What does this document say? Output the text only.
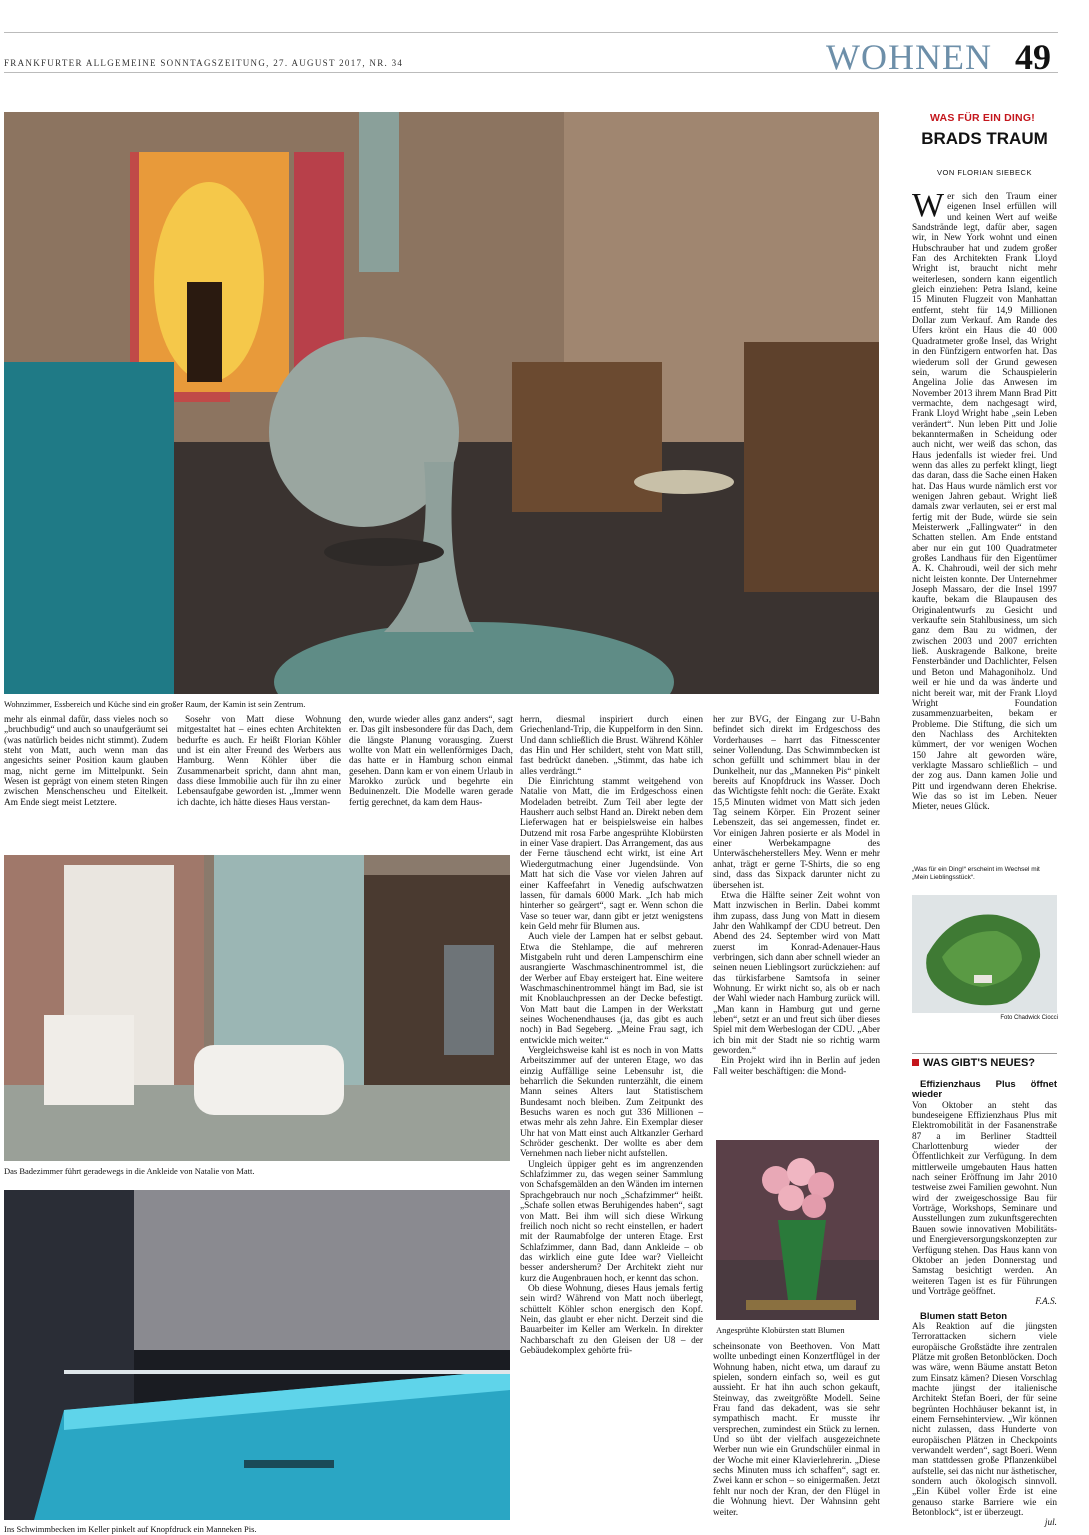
FRANKFURTER ALLGEMEINE SONNTAGSZEITUNG, 27. AUGUST 2017, NR. 34	WOHNEN 49
Wohnzimmer, Essbereich und Küche sind ein großer Raum, der Kamin ist sein Zentrum.

mehr als einmal dafür, dass vieles noch so „bruchbudig“ und auch so unaufgeräumt sei (was natürlich beides nicht stimmt). Zudem steht von Matt, auch wenn man das angesichts seiner Position kaum glauben mag, nicht gerne im Mittelpunkt. Sein Wesen ist geprägt von einem steten Ringen zwischen Menschenscheu und Eitelkeit. Am Ende siegt meist Letztere.

Sosehr von Matt diese Wohnung mitgestaltet hat – eines echten Architekten bedurfte es auch. Er heißt Florian Köhler und ist ein alter Freund des Werbers aus Hamburg. Wenn Köhler über die Zusammenarbeit spricht, dann ahnt man, dass diese Immobilie auch für ihn zu einer Lebensaufgabe geworden ist. „Immer wenn ich dachte, ich hätte dieses Haus verstan-

den, wurde wieder alles ganz anders“, sagt er. Das gilt insbesondere für das Dach, dem die längste Planung vorausging. Zuerst wollte von Matt ein wellenförmiges Dach, das hatte er in Hamburg schon einmal gesehen. Dann kam er von einem Urlaub in Marokko zurück und begehrte ein Beduinenzelt. Die Modelle waren gerade fertig gerechnet, da kam dem Haus-

Das Badezimmer führt geradewegs in die Ankleide von Natalie von Matt.
Ins Schwimmbecken im Keller pinkelt auf Knopfdruck ein Manneken Pis.

herrn, diesmal inspiriert durch einen Griechenland-Trip, die Kuppelform in den Sinn. Und dann schließlich die Brust. Während Köhler das Hin und Her schildert, steht von Matt still, fast bedrückt daneben. „Stimmt, das habe ich alles verdrängt.“

Die Einrichtung stammt weitgehend von Natalie von Matt, die im Erdgeschoss einen Modeladen betreibt. Zum Teil aber legte der Hausherr auch selbst Hand an. Direkt neben dem Lieferwagen hat er beispielsweise ein halbes Dutzend mit rosa Farbe angesprühte Klobürsten in einer Vase drapiert. Das Arrangement, das aus der Ferne täuschend echt wirkt, ist eine Art Wiedergutmachung einer Jugendsünde. Von Matt hat sich die Vase vor vielen Jahren auf einer Kaffeefahrt in Venedig aufschwatzen lassen, für damals 6000 Mark. „Ich hab mich hinterher so geärgert“, sagt er. Wenn schon die Vase so teuer war, dann gibt er jetzt wenigstens kein Geld mehr für Blumen aus.

Auch viele der Lampen hat er selbst gebaut. Etwa die Stehlampe, die auf mehreren Mistgabeln ruht und deren Lampenschirm eine ausrangierte Waschmaschinentrommel ist, die der Werber auf Ebay ersteigert hat. Eine weitere Waschmaschinentrommel hängt im Bad, sie ist mit Knoblauchpressen an der Decke befestigt. Von Matt baut die Lampen in der Werkstatt seines Wochenendhauses (ja, das gibt es auch noch) in Bad Segeberg. „Meine Frau sagt, ich entwickle mich weiter.“

Vergleichsweise kahl ist es noch in von Matts Arbeitszimmer auf der unteren Etage, wo das einzig Auffällige seine Lebensuhr ist, die beharrlich die Sekunden runterzählt, die einem Mann seines Alters laut Statistischem Bundesamt noch bleiben. Zum Zeitpunkt des Besuchs waren es noch gut 336 Millionen – etwas mehr als zehn Jahre. Ein Exemplar dieser Uhr hat von Matt einst auch Altkanzler Gerhard Schröder geschenkt. Der wollte es aber dem Vernehmen nach lieber nicht aufstellen.

Ungleich üppiger geht es im angrenzenden Schlafzimmer zu, das wegen seiner Sammlung von Schafsgemälden an den Wänden im internen Sprachgebrauch nur noch „Schafzimmer“ heißt. „Schafe sollen etwas Beruhigendes haben“, sagt von Matt. Bei ihm will sich diese Wirkung freilich noch nicht so recht einstellen, er hadert mit der Raumabfolge der unteren Etage. Erst Schlafzimmer, dann Bad, dann Ankleide – ob das wirklich eine gute Idee war? Vielleicht besser andersherum? Der Architekt zieht nur kurz die Augenbrauen hoch, er kennt das schon.

Ob diese Wohnung, dieses Haus jemals fertig sein wird? Während von Matt noch überlegt, schüttelt Köhler schon energisch den Kopf. Nein, das glaubt er eher nicht. Derzeit sind die Bauarbeiter im Keller am Werkeln. In direkter Nachbarschaft zu den Gleisen der U8 – der Gebäudekomplex gehörte frü-

her zur BVG, der Eingang zur U-Bahn befindet sich direkt im Erdgeschoss des Vorderhauses – harrt das Fitnesscenter seiner Vollendung. Das Schwimmbecken ist schon gefüllt und schimmert blau in der Dunkelheit, nur das „Manneken Pis“ pinkelt bereits auf Knopfdruck ins Wasser. Doch das Wichtigste fehlt noch: die Geräte. Exakt 15,5 Minuten widmet von Matt sich jeden Tag seinem Körper. Ein Prozent seiner Lebenszeit, das sei angemessen, findet er. Vor einigen Jahren posierte er als Model in einer Werbekampagne des Unterwäscheherstellers Mey. Wenn er mehr anhat, trägt er gerne T-Shirts, die so eng sind, dass das Sixpack darunter nicht zu übersehen ist.

Etwa die Hälfte seiner Zeit wohnt von Matt inzwischen in Berlin. Dabei kommt ihm zupass, dass Jung von Matt in diesem Jahr den Wahlkampf der CDU betreut. Den Abend des 24. September wird von Matt zuerst im Konrad-Adenauer-Haus verbringen, sich dann aber schnell wieder an seinen neuen Lieblingsort zurückziehen: auf das türkisfarbene Samtsofa in seiner Wohnung. Er wirkt nicht so, als ob er nach der Wahl wieder nach Hamburg zurück will. „Man kann in Hamburg gut und gerne leben“, setzt er an und freut sich über dieses Spiel mit dem Werbeslogan der CDU. „Aber ich bin mit der Stadt nie so richtig warm geworden.“

Ein Projekt wird ihn in Berlin auf jeden Fall weiter beschäftigen: die Mond-

Angesprühte Klobürsten statt Blumen

scheinsonate von Beethoven. Von Matt wollte unbedingt einen Konzertflügel in der Wohnung haben, nicht etwa, um darauf zu spielen, sondern einfach so, weil es gut aussieht. Er hat ihn auch schon gekauft, Steinway, das zweitgrößte Modell. Seine Frau fand das dekadent, was sie sehr sympathisch macht. Er musste ihr versprechen, zumindest ein Stück zu lernen. Und so übt der vielfach ausgezeichnete Werber nun wie ein Grundschüler einmal in der Woche mit einer Klavierlehrerin. „Diese sechs Minuten muss ich schaffen“, sagt er. Zwei kann er schon – so einigermaßen. Jetzt fehlt nur noch der Kran, der den Flügel in die Wohnung hievt. Der Wahnsinn geht weiter.

WAS FÜR EIN DING!
BRADS TRAUM
VON FLORIAN SIEBECK
Wer sich den Traum einer eigenen Insel erfüllen will und keinen Wert auf weiße Sandstrände legt, dafür aber, sagen wir, in New York wohnt und einen Hubschrauber hat und zudem großer Fan des Architekten Frank Lloyd Wright ist, braucht nicht mehr weiterlesen, sondern kann eigentlich gleich einziehen: Petra Island, keine 15 Minuten Flugzeit von Manhattan entfernt, steht für 14,9 Millionen Dollar zum Verkauf. Am Rande des Ufers krönt ein Haus die 40 000 Quadratmeter große Insel, das Wright in den Fünfzigern entworfen hat. Das wiederum soll der Grund gewesen sein, warum die Schauspielerin Angelina Jolie das Anwesen im November 2013 ihrem Mann Brad Pitt vermachte, dem nachgesagt wird, Frank Lloyd Wright habe „sein Leben verändert“. Nun leben Pitt und Jolie bekanntermaßen in Scheidung oder auch nicht, wer weiß das schon, das Haus jedenfalls ist wieder frei. Und wenn das alles zu perfekt klingt, liegt das daran, dass die Sache einen Haken hat. Das Haus wurde nämlich erst vor wenigen Jahren gebaut. Wright ließ damals zwar verlauten, sei er erst mal fertig mit der Bude, würde sie sein Meisterwerk „Fallingwater“ in den Schatten stellen. Am Ende entstand aber nur ein gut 100 Quadratmeter großes Landhaus für den Eigentümer A. K. Chahroudi, weil der sich mehr nicht leisten konnte. Der Unternehmer Joseph Massaro, der die Insel 1997 kaufte, bekam die Blaupausen des Originalentwurfs zu Gesicht und verkaufte sein Stahlbusiness, um sich ganz dem Bau zu widmen, der zwischen 2003 und 2007 errichten ließ. Auskragende Balkone, breite Fensterbänder und Dachlichter, Felsen und Beton und Mahagoniholz. Und weil er hie und da was änderte und nicht bereit war, mit der Frank Lloyd Wright Foundation zusammenzuarbeiten, bekam er Probleme. Die Stiftung, die sich um den Nachlass des Architekten kümmert, der vor wenigen Wochen 150 Jahre alt geworden wäre, verklagte Massaro schließlich – und der zog aus. Dann kamen Jolie und Pitt und irgendwann deren Ehekrise. Wie das so ist im Leben. Neuer Mieter, neues Glück.
„Was für ein Ding!“ erscheint im Wechsel mit „Mein Lieblingsstück“.
Foto Chadwick Ciocci
WAS GIBT'S NEUES?

Effizienzhaus Plus öffnet wieder

Von Oktober an steht das bundeseigene Effizienzhaus Plus mit Elektromobilität in der Fasanenstraße 87 a im Berliner Stadtteil Charlottenburg wieder der Öffentlichkeit zur Verfügung. In dem mittlerweile umgebauten Haus hatten nach seiner Eröffnung im Jahr 2010 testweise zwei Familien gewohnt. Nun wird der zweigeschossige Bau für Vorträge, Workshops, Seminare und Ausstellungen zum zukunftsgerechten Bauen sowie innovativen Mobilitäts- und Energieversorgungskonzepten zur Verfügung stehen. Das Haus kann von Oktober an jeden Donnerstag und Samstag besichtigt werden. An weiteren Tagen ist es für Führungen und Vorträge geöffnet.

F.A.S.

Blumen statt Beton

Als Reaktion auf die jüngsten Terrorattacken sichern viele europäische Großstädte ihre zentralen Plätze mit großen Betonblöcken. Doch was wäre, wenn Bäume anstatt Beton zum Einsatz kämen? Diesen Vorschlag machte jüngst der italienische Architekt Stefan Boeri, der für seine begrünten Hochhäuser bekannt ist, in einem Fernsehinterview. „Wir können nicht zulassen, dass Hunderte von europäischen Plätzen in Checkpoints verwandelt werden“, sagt Boeri. Wenn man stattdessen große Pflanzenkübel aufstelle, sei das nicht nur ästhetischer, sondern auch ökologisch sinnvoll. „Ein Kübel voller Erde ist eine genauso starke Barriere wie ein Betonblock“, ist er überzeugt.

jul.
